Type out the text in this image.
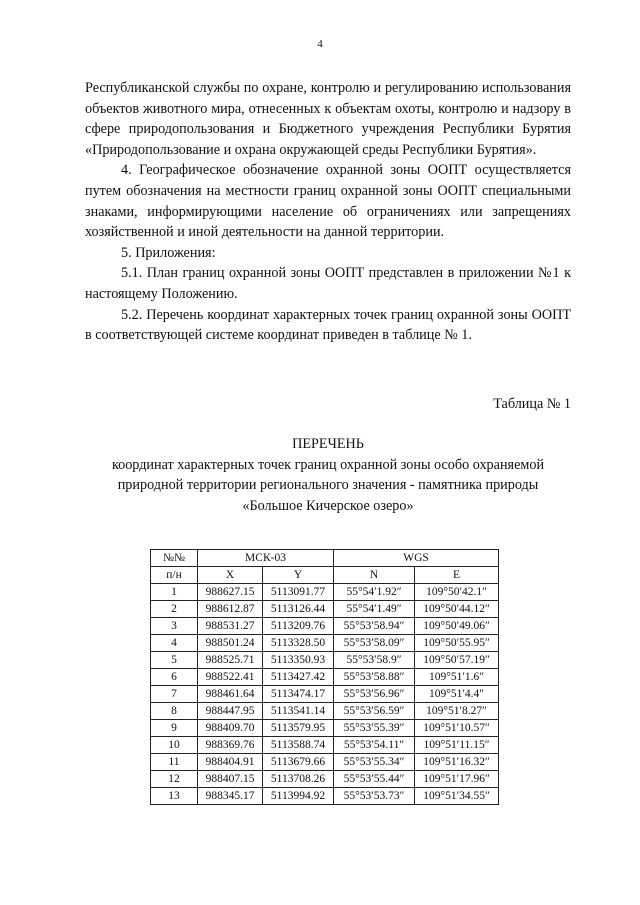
4

Республиканской службы по охране, контролю и регулированию использования объектов животного мира, отнесенных к объектам охоты, контролю и надзору в сфере природопользования и Бюджетного учреждения Республики Бурятия «Природопользование и охрана окружающей среды Республики Бурятия».

4. Географическое обозначение охранной зоны ООПТ осуществляется путем обозначения на местности границ охранной зоны ООПТ специальными знаками, информирующими население об ограничениях или запрещениях хозяйственной и иной деятельности на данной территории.

5. Приложения:

5.1. План границ охранной зоны ООПТ представлен в приложении №1 к настоящему Положению.

5.2. Перечень координат характерных точек границ охранной зоны ООПТ в соответствующей системе координат приведен в таблице № 1.

Таблица № 1
ПЕРЕЧЕНЬ
координат характерных точек границ охранной зоны особо охраняемой
природной территории регионального значения - памятника природы
«Большое Кичерское озеро»
№№	МСК-03		WGS	
п/н	X	Y	N	E
1	988627.15	5113091.77	55°54′1.92″	109°50′42.1″
2	988612.87	5113126.44	55°54′1.49″	109°50′44.12″
3	988531.27	5113209.76	55°53′58.94″	109°50′49.06″
4	988501.24	5113328.50	55°53′58.09″	109°50′55.95″
5	988525.71	5113350.93	55°53′58.9″	109°50′57.19″
6	988522.41	5113427.42	55°53′58.88″	109°51′1.6″
7	988461.64	5113474.17	55°53′56.96″	109°51′4.4″
8	988447.95	5113541.14	55°53′56.59″	109°51′8.27″
9	988409.70	5113579.95	55°53′55.39″	109°51′10.57″
10	988369.76	5113588.74	55°53′54.11″	109°51′11.15″
11	988404.91	5113679.66	55°53′55.34″	109°51′16.32″
12	988407.15	5113708.26	55°53′55.44″	109°51′17.96″
13	988345.17	5113994.92	55°53′53.73″	109°51′34.55″
